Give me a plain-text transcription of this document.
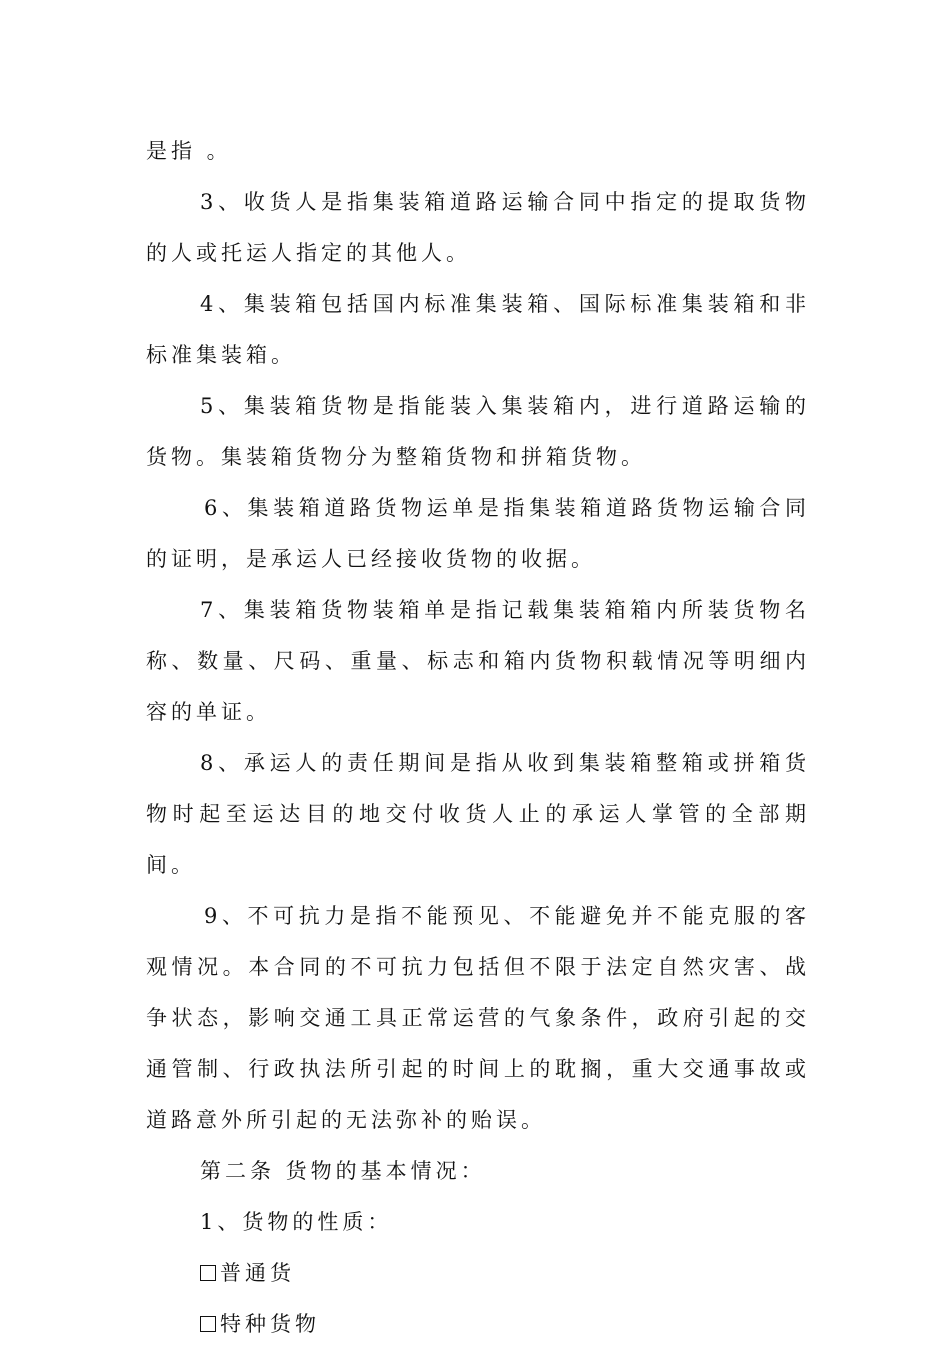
是指 。

3、收货人是指集装箱道路运输合同中指定的提取货物的人或托运人指定的其他人。

4、集装箱包括国内标准集装箱、国际标准集装箱和非标准集装箱。

5、集装箱货物是指能装入集装箱内，进行道路运输的货物。集装箱货物分为整箱货物和拼箱货物。

6、集装箱道路货物运单是指集装箱道路货物运输合同的证明，是承运人已经接收货物的收据。

7、集装箱货物装箱单是指记载集装箱箱内所装货物名称、数量、尺码、重量、标志和箱内货物积载情况等明细内容的单证。

8、承运人的责任期间是指从收到集装箱整箱或拼箱货物时起至运达目的地交付收货人止的承运人掌管的全部期间。

9、不可抗力是指不能预见、不能避免并不能克服的客观情况。本合同的不可抗力包括但不限于法定自然灾害、战争状态，影响交通工具正常运营的气象条件，政府引起的交通管制、行政执法所引起的时间上的耽搁，重大交通事故或道路意外所引起的无法弥补的贻误。

第二条 货物的基本情况：

1、货物的性质：

普通货

特种货物
